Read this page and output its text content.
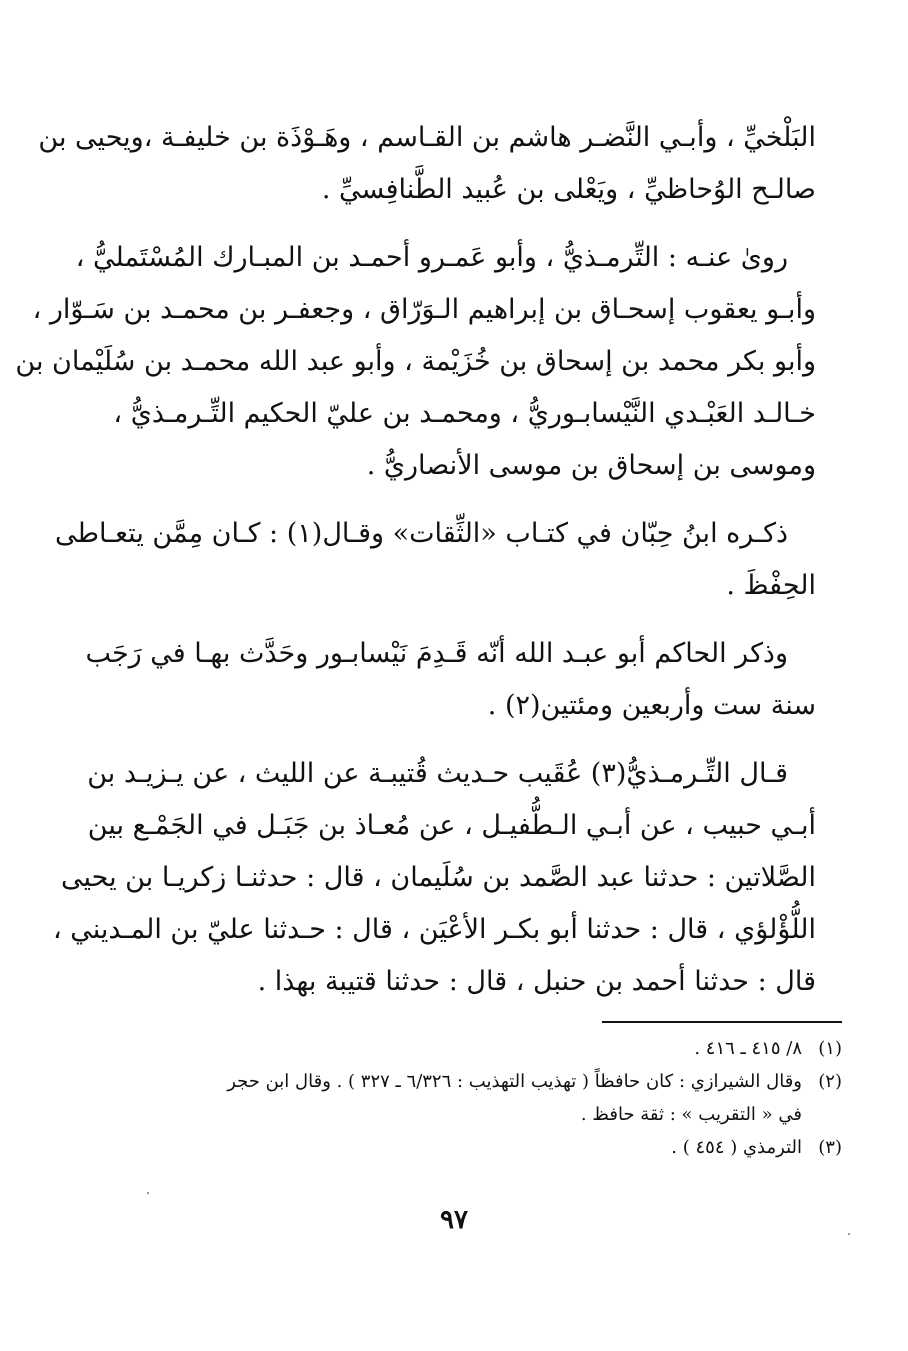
البَلْخيِّ ، وأبـي النَّضـر هاشم بن القـاسم ، وهَـوْذَة بن خليفـة ،ويحيى بن
صالـح الوُحاظيِّ ، ويَعْلى بن عُبيد الطَّنافِسيِّ .
روىٰ عنـه : التِّرمـذيُّ ، وأبو عَمـرو أحمـد بن المبـارك المُسْتَمليُّ ،
وأبـو يعقوب إسحـاق بن إبراهيم الـوَرّاق ، وجعفـر بن محمـد بن سَـوّار ،
وأبو بكر محمد بن إسحاق بن خُزَيْمة ، وأبو عبد الله محمـد بن سُلَيْمان بن
خـالـد العَبْـدي النَّيْسابـوريُّ ، ومحمـد بن عليّ الحكيم التِّـرمـذيُّ ،
وموسى بن إسحاق بن موسى الأنصاريُّ .
ذكـره ابنُ حِبّان في كتـاب «الثِّقات» وقـال(١) : كـان مِمَّن يتعـاطى
الحِفْظَ .
وذكر الحاكم أبو عبـد الله أنّه قَـدِمَ نَيْسابـور وحَدَّث بهـا في رَجَب
سنة ست وأربعين ومئتين(٢) .
قـال التِّـرمـذيُّ(٣) عُقَيب حـديث قُتيبـة عن الليث ، عن يـزيـد بن
أبـي حبيب ، عن أبـي الـطُّفيـل ، عن مُعـاذ بن جَبَـل في الجَمْـع بين
الصَّلاتين : حدثنا عبد الصَّمد بن سُلَيمان ، قال : حدثنـا زكريـا بن يحيى
اللُّؤْلؤي ، قال : حدثنا أبو بكـر الأعْيَن ، قال : حـدثنا عليّ بن المـديني ،
قال : حدثنا أحمد بن حنبل ، قال : حدثنا قتيبة بهذا .

(١)٨/ ٤١٥ ـ ٤١٦ .

(٢)وقال الشيرازي : كان حافظاً ( تهذيب التهذيب : ٦/٣٢٦ ـ ٣٢٧ ) . وقال ابن حجر

في « التقريب » : ثقة حافظ .

(٣)الترمذي ( ٤٥٤ ) .

٩٧
